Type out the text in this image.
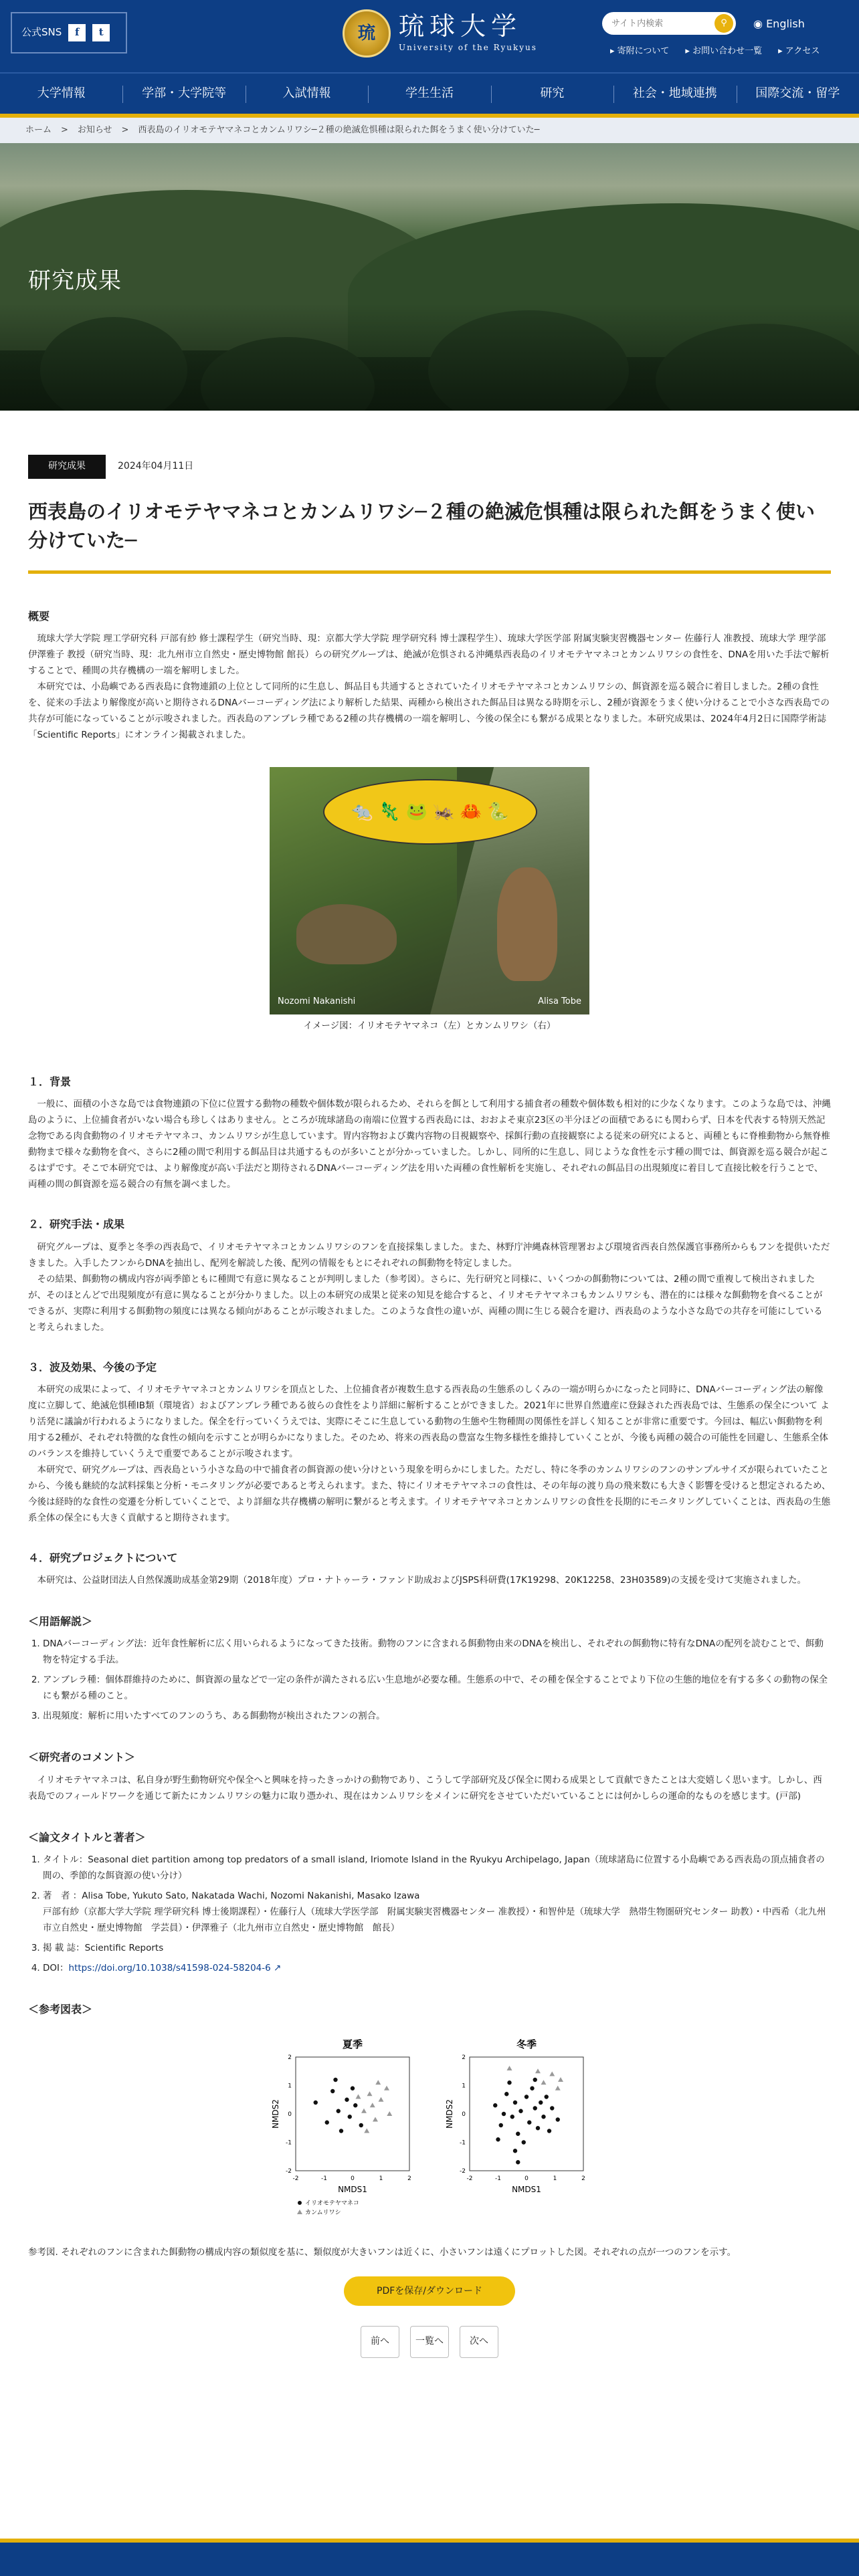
公式SNS	f	t	琉 琉球大学
University of the Ryukyus
サイト内検索
⚲	◉ English
▸ 寄附について ▸ お問い合わせ一覧 ▸ アクセス
大学情報	学部・大学院等	入試情報	学生生活	研究	社会・地域連携	国際交流・留学
ホーム > お知らせ > 西表島のイリオモテヤマネコとカンムリワシ─２種の絶滅危惧種は限られた餌をうまく使い分けていた─
研究成果
研究成果	2024年04月11日
西表島のイリオモテヤマネコとカンムリワシ─２種の絶滅危惧種は限られた餌をうまく使い分けていた─
概要

琉球大学大学院 理工学研究科 戸部有紗 修士課程学生（研究当時、現：京都大学大学院 理学研究科 博士課程学生）、琉球大学医学部 附属実験実習機器センター 佐藤行人 准教授、琉球大学 理学部 伊澤雅子 教授（研究当時、現：北九州市立自然史・歴史博物館 館長）らの研究グループは、絶滅が危惧される沖縄県西表島のイリオモテヤマネコとカンムリワシの食性を、DNAを用いた手法で解析することで、種間の共存機構の一端を解明しました。

本研究では、小島嶼である西表島に食物連鎖の上位として同所的に生息し、餌品目も共通するとされていたイリオモテヤマネコとカンムリワシの、餌資源を巡る競合に着目しました。2種の食性を、従来の手法より解像度が高いと期待されるDNAバーコーディング法により解析した結果、両種から検出された餌品目は異なる時期を示し、2種が資源をうまく使い分けることで小さな西表島での共存が可能になっていることが示唆されました。西表島のアンブレラ種である2種の共存機構の一端を解明し、今後の保全にも繋がる成果となりました。本研究成果は、2024年4月2日に国際学術誌「Scientific Reports」にオンライン掲載されました。

🐀 🦎 🐸 🦗 🦀 🐍
Nozomi Nakanishi	Alisa Tobe
イメージ図：イリオモテヤマネコ（左）とカンムリワシ（右）
１．背景

一般に、面積の小さな島では食物連鎖の下位に位置する動物の種数や個体数が限られるため、それらを餌として利用する捕食者の種数や個体数も相対的に少なくなります。このような島では、沖縄島のように、上位捕食者がいない場合も珍しくはありません。ところが琉球諸島の南端に位置する西表島には、おおよそ東京23区の半分ほどの面積であるにも関わらず、日本を代表する特別天然記念物である肉食動物のイリオモテヤマネコ、カンムリワシが生息しています。胃内容物および糞内容物の目視観察や、採餌行動の直接観察による従来の研究によると、両種ともに脊椎動物から無脊椎動物まで様々な動物を食べ、さらに2種の間で利用する餌品目は共通するものが多いことが分かっていました。しかし、同所的に生息し、同じような食性を示す種の間では、餌資源を巡る競合が起こるはずです。そこで本研究では、より解像度が高い手法だと期待されるDNAバーコーディング法を用いた両種の食性解析を実施し、それぞれの餌品目の出現頻度に着目して直接比較を行うことで、両種の間の餌資源を巡る競合の有無を調べました。

２．研究手法・成果

研究グループは、夏季と冬季の西表島で、イリオモテヤマネコとカンムリワシのフンを直接採集しました。また、林野庁沖縄森林管理署および環境省西表自然保護官事務所からもフンを提供いただきました。入手したフンからDNAを抽出し、配列を解読した後、配列の情報をもとにそれぞれの餌動物を特定しました。

その結果、餌動物の構成内容が両季節ともに種間で有意に異なることが判明しました（参考図）。さらに、先行研究と同様に、いくつかの餌動物については、2種の間で重複して検出されましたが、そのほとんどで出現頻度が有意に異なることが分かりました。以上の本研究の成果と従来の知見を総合すると、イリオモテヤマネコもカンムリワシも、潜在的には様々な餌動物を食べることができるが、実際に利用する餌動物の頻度には異なる傾向があることが示唆されました。このような食性の違いが、両種の間に生じる競合を避け、西表島のような小さな島での共存を可能にしていると考えられました。

３．波及効果、今後の予定

本研究の成果によって、イリオモテヤマネコとカンムリワシを頂点とした、上位捕食者が複数生息する西表島の生態系のしくみの一端が明らかになったと同時に、DNAバーコーディング法の解像度に立脚して、絶滅危惧種IB類（環境省）およびアンブレラ種である彼らの食性をより詳細に解析することができました。2021年に世界自然遺産に登録された西表島では、生態系の保全について より活発に議論が行われるようになりました。保全を行っていくうえでは、実際にそこに生息している動物の生態や生物種間の関係性を詳しく知ることが非常に重要です。今回は、幅広い餌動物を利用する2種が、それぞれ特徴的な食性の傾向を示すことが明らかになりました。そのため、将来の西表島の豊富な生物多様性を維持していくことが、今後も両種の競合の可能性を回避し、生態系全体のバランスを維持していくうえで重要であることが示唆されます。

本研究で、研究グループは、西表島という小さな島の中で捕食者の餌資源の使い分けという現象を明らかにしました。ただし、特に冬季のカンムリワシのフンのサンプルサイズが限られていたことから、今後も継続的な試料採集と分析・モニタリングが必要であると考えられます。また、特にイリオモテヤマネコの食性は、その年毎の渡り鳥の飛来数にも大きく影響を受けると想定されるため、今後は経時的な食性の変遷を分析していくことで、より詳細な共存機構の解明に繋がると考えます。イリオモテヤマネコとカンムリワシの食性を長期的にモニタリングしていくことは、西表島の生態系全体の保全にも大きく貢献すると期待されます。

４．研究プロジェクトについて

本研究は、公益財団法人自然保護助成基金第29期（2018年度）プロ・ナトゥーラ・ファンド助成およびJSPS科研費(17K19298、20K12258、23H03589)の支援を受けて実施されました。

＜用語解説＞
1. DNAバーコーディング法：近年食性解析に広く用いられるようになってきた技術。動物のフンに含まれる餌動物由来のDNAを検出し、それぞれの餌動物に特有なDNAの配列を読むことで、餌動物を特定する手法。
2. アンブレラ種：個体群維持のために、餌資源の量などで一定の条件が満たされる広い生息地が必要な種。生態系の中で、その種を保全することでより下位の生態的地位を有する多くの動物の保全にも繋がる種のこと。
3. 出現頻度：解析に用いたすべてのフンのうち、ある餌動物が検出されたフンの割合。
＜研究者のコメント＞

イリオモテヤマネコは、私自身が野生動物研究や保全へと興味を持ったきっかけの動物であり、こうして学部研究及び保全に関わる成果として貢献できたことは大変嬉しく思います。しかし、西表島でのフィールドワークを通じて新たにカンムリワシの魅力に取り憑かれ、現在はカンムリワシをメインに研究をさせていただいていることには何かしらの運命的なものを感じます。(戸部)

＜論文タイトルと著者＞
1. タイトル：Seasonal diet partition among top predators of a small island, Iriomote Island in the Ryukyu Archipelago, Japan（琉球諸島に位置する小島嶼である西表島の頂点捕食者の間の、季節的な餌資源の使い分け）
2. 著　者 ：Alisa Tobe, Yukuto Sato, Nakatada Wachi, Nozomi Nakanishi, Masako Izawa
戸部有紗（京都大学大学院 理学研究科 博士後期課程）・佐藤行人（琉球大学医学部　附属実験実習機器センター 准教授）・和智仲是（琉球大学　熱帯生物圏研究センター 助教）・中西希（北九州市立自然史・歴史博物館　学芸員）・伊澤雅子（北九州市立自然史・歴史博物館　館長）
3. 掲 載 誌：Scientific Reports
4. DOI：https://doi.org/10.1038/s41598-024-58204-6 ↗
＜参考図表＞
夏季
-2
-2
-1
-1
0
0
1
1
2
2
NMDS1
NMDS2
イリオモテヤマネコ
カンムリワシ
冬季
-2
-2
-1
-1
0
0
1
1
2
2
NMDS1
NMDS2

参考図. それぞれのフンに含まれた餌動物の構成内容の類似度を基に、類似度が大きいフンは近くに、小さいフンは遠くにプロットした図。それぞれの点が一つのフンを示す。

PDFを保存/ダウンロード
前へ	一覧へ	次へ
